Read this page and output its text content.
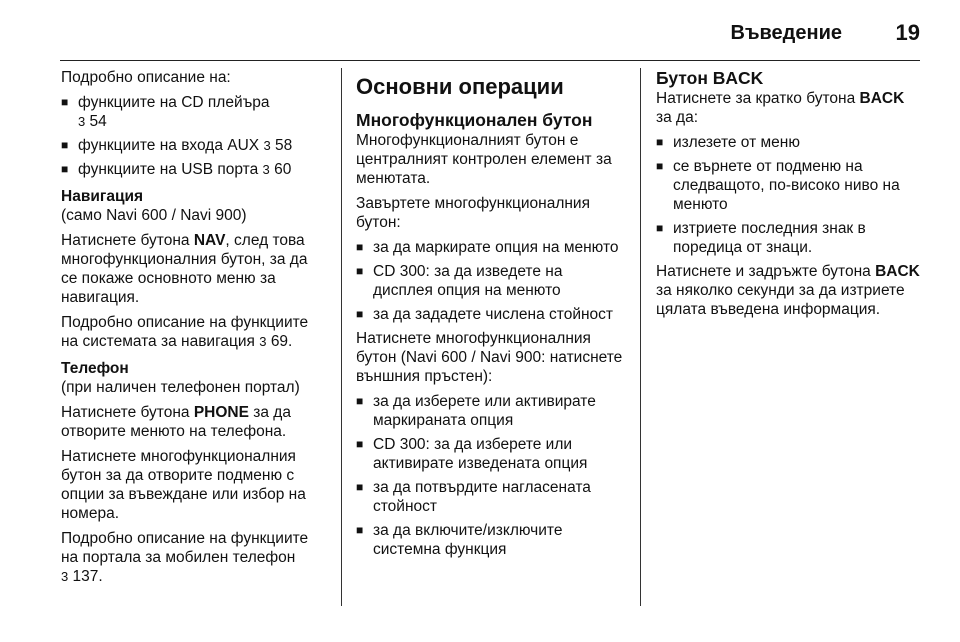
Въведение 19

Подробно описание на:

■ функциите на CD плейъра
3 54
■ функциите на входа AUX 3 58
■ функциите на USB порта 3 60

Навигация

(само Navi 600 / Navi 900)

Натиснете бутона NAV, след това многофункционалния бутон, за да се покаже основното меню за навигация.

Подробно описание на функциите на системата за навигация 3 69.

Телефон

(при наличен телефонен портал)

Натиснете бутона PHONE за да отворите менюто на телефона.

Натиснете многофункционалния бутон за да отворите подменю с опции за въвеждане или избор на номера.

Подробно описание на функциите на портала за мобилен телефон
3 137.

Основни операции

Многофункционален бутон

Многофункционалният бутон е централният контролен елемент за менютата.

Завъртете многофункционалния бутон:

■ за да маркирате опция на менюто
■ CD 300: за да изведете на дисплея опция на менюто
■ за да зададете числена стойност

Натиснете многофункционалния бутон (Navi 600 / Navi 900: натиснете външния пръстен):

■ за да изберете или активирате маркираната опция
■ CD 300: за да изберете или активирате изведената опция
■ за да потвърдите нагласената стойност
■ за да включите/изключите системна функция

Бутон BACK

Натиснете за кратко бутона BACK за да:

■ излезете от меню
■ се върнете от подменю на следващото, по-високо ниво на менюто
■ изтриете последния знак в поредица от знаци.

Натиснете и задръжте бутона BACK за няколко секунди за да изтриете цялата въведена информация.
